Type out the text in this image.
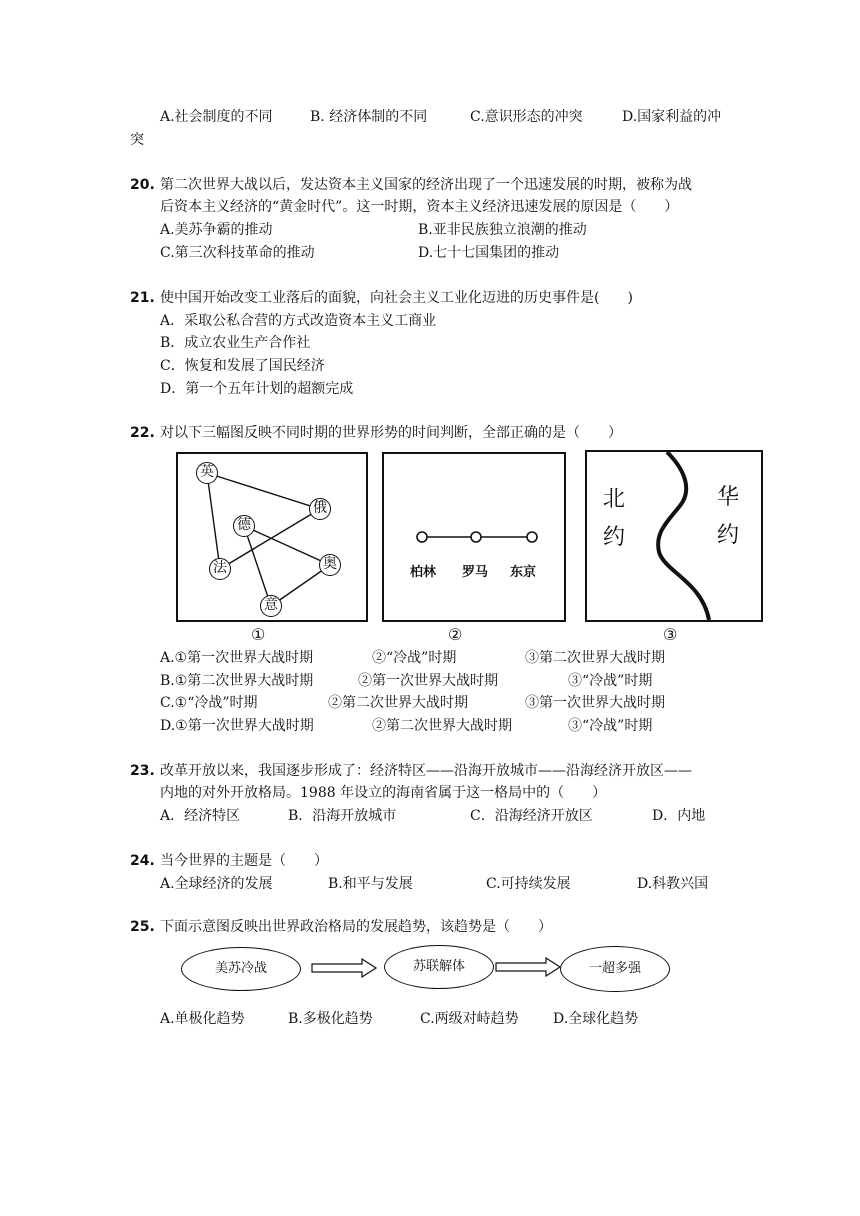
A.社会制度的不同	B. 经济体制的不同	C.意识形态的冲突	D.国家利益的冲
突
20. 第二次世界大战以后，发达资本主义国家的经济出现了一个迅速发展的时期，被称为战
后资本主义经济的“黄金时代”。这一时期，资本主义经济迅速发展的原因是（　　）
A.美苏争霸的推动	B.亚非民族独立浪潮的推动
C.第三次科技革命的推动	D.七十七国集团的推动
21. 使中国开始改变工业落后的面貌，向社会主义工业化迈进的历史事件是(　　)
A．采取公私合营的方式改造资本主义工商业
B．成立农业生产合作社
C．恢复和发展了国民经济
D．第一个五年计划的超额完成
22. 对以下三幅图反映不同时期的世界形势的时间判断，全部正确的是（　　）
英
俄
德
法	奥
意
柏林 罗马 东京
北
约
华
约
①	②	③
A.①第一次世界大战时期	②“冷战”时期	③第二次世界大战时期
B.①第二次世界大战时期	②第一次世界大战时期	③“冷战”时期
C.①“冷战”时期	②第二次世界大战时期	③第一次世界大战时期
D.①第一次世界大战时期	②第二次世界大战时期	③“冷战”时期
23. 改革开放以来，我国逐步形成了：经济特区——沿海开放城市——沿海经济开放区——
内地的对外开放格局。1988 年设立的海南省属于这一格局中的（　　）
A．经济特区	B．沿海开放城市	C．沿海经济开放区	D．内地
24. 当今世界的主题是（　　）
A.全球经济的发展	B.和平与发展	C.可持续发展	D.科教兴国
25. 下面示意图反映出世界政治格局的发展趋势，该趋势是（　　）
美苏冷战	苏联解体	一超多强
A.单极化趋势	B.多极化趋势	C.两级对峙趋势 D.全球化趋势
